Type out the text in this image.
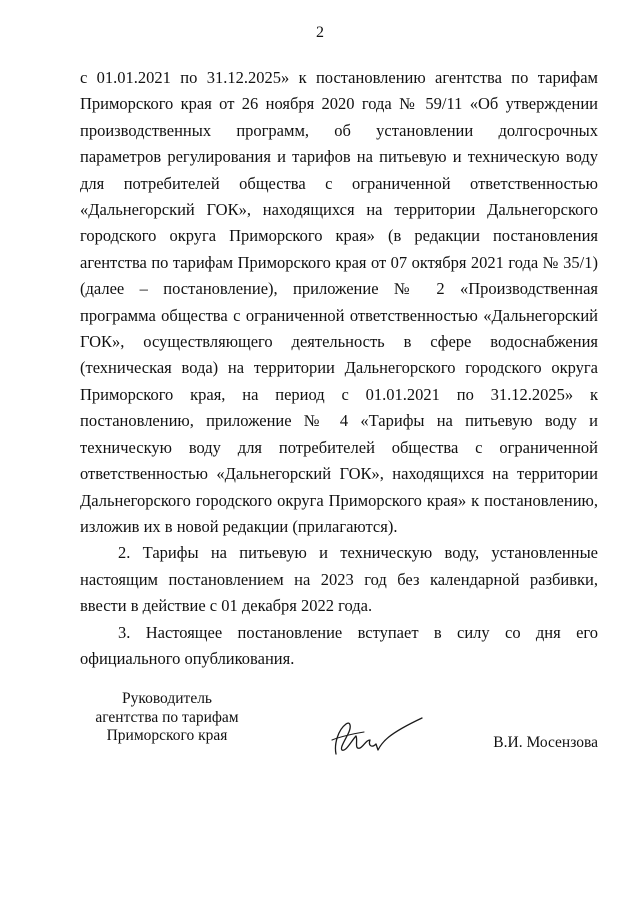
2

с 01.01.2021 по 31.12.2025» к постановлению агентства по тарифам Приморского края от 26 ноября 2020 года № 59/11 «Об утверждении производственных программ, об установлении долгосрочных параметров регулирования и тарифов на питьевую и техническую воду для потребителей общества с ограниченной ответственностью «Дальнегорский ГОК», находящихся на территории Дальнегорского городского округа Приморского края» (в редакции постановления агентства по тарифам Приморского края от 07 октября 2021 года № 35/1) (далее – постановление), приложение № 2 «Производственная программа общества с ограниченной ответственностью «Дальнегорский ГОК», осуществляющего деятельность в сфере водоснабжения (техническая вода) на территории Дальнегорского городского округа Приморского края, на период с 01.01.2021 по 31.12.2025» к постановлению, приложение № 4 «Тарифы на питьевую воду и техническую воду для потребителей общества с ограниченной ответственностью «Дальнегорский ГОК», находящихся на территории Дальнегорского городского округа Приморского края» к постановлению, изложив их в новой редакции (прилагаются).

2. Тарифы на питьевую и техническую воду, установленные настоящим постановлением на 2023 год без календарной разбивки, ввести в действие с 01 декабря 2022 года.

3. Настоящее постановление вступает в силу со дня его официального опубликования.

Руководитель
агентства по тарифам
Приморского края	В.И. Мосензова
